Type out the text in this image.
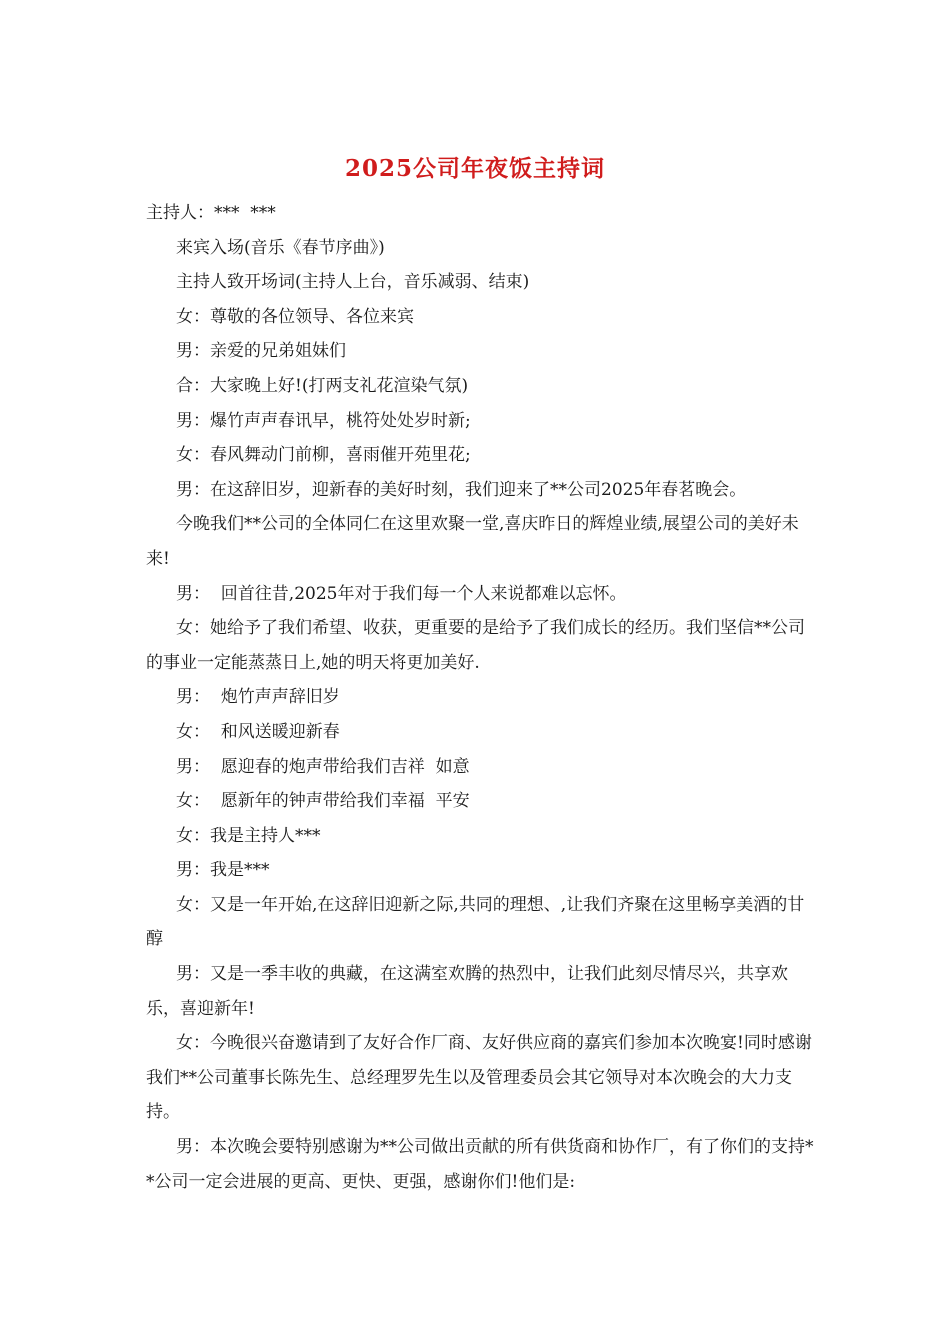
2025公司年夜饭主持词

主持人：***  ***

来宾入场(音乐《春节序曲》)

主持人致开场词(主持人上台，音乐减弱、结束)

女：尊敬的各位领导、各位来宾

男：亲爱的兄弟姐妹们

合：大家晚上好!(打两支礼花渲染气氛)

男：爆竹声声春讯早，桃符处处岁时新;

女：春风舞动门前柳，喜雨催开苑里花;

男：在这辞旧岁，迎新春的美好时刻，我们迎来了**公司2025年春茗晚会。

今晚我们**公司的全体同仁在这里欢聚一堂,喜庆昨日的辉煌业绩,展望公司的美好未来!

男：  回首往昔,2025年对于我们每一个人来说都难以忘怀。

女：她给予了我们希望、收获，更重要的是给予了我们成长的经历。我们坚信**公司的事业一定能蒸蒸日上,她的明天将更加美好.

男：  炮竹声声辞旧岁

女：  和风送暖迎新春

男：  愿迎春的炮声带给我们吉祥  如意

女：  愿新年的钟声带给我们幸福  平安

女：我是主持人***

男：我是***

女：又是一年开始,在这辞旧迎新之际,共同的理想、,让我们齐聚在这里畅享美酒的甘醇

男：又是一季丰收的典藏，在这满室欢腾的热烈中，让我们此刻尽情尽兴，共享欢乐，喜迎新年!

女：今晚很兴奋邀请到了友好合作厂商、友好供应商的嘉宾们参加本次晚宴!同时感谢我们**公司董事长陈先生、总经理罗先生以及管理委员会其它领导对本次晚会的大力支持。

男：本次晚会要特别感谢为**公司做出贡献的所有供货商和协作厂，有了你们的支持**公司一定会进展的更高、更快、更强，感谢你们!他们是:
